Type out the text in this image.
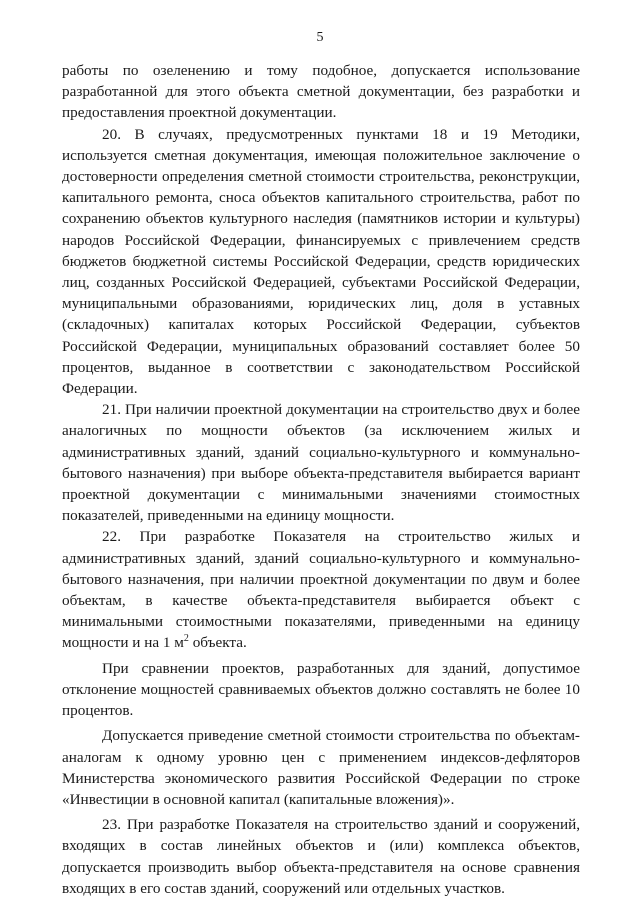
5

работы по озеленению и тому подобное, допускается использование разработанной для этого объекта сметной документации, без разработки и предоставления проектной документации.

20. В случаях, предусмотренных пунктами 18 и 19 Методики, используется сметная документация, имеющая положительное заключение о достоверности определения сметной стоимости строительства, реконструкции, капитального ремонта, сноса объектов капитального строительства, работ по сохранению объектов культурного наследия (памятников истории и культуры) народов Российской Федерации, финансируемых с привлечением средств бюджетов бюджетной системы Российской Федерации, средств юридических лиц, созданных Российской Федерацией, субъектами Российской Федерации, муниципальными образованиями, юридических лиц, доля в уставных (складочных) капиталах которых Российской Федерации, субъектов Российской Федерации, муниципальных образований составляет более 50 процентов, выданное в соответствии с законодательством Российской Федерации.

21. При наличии проектной документации на строительство двух и более аналогичных по мощности объектов (за исключением жилых и административных зданий, зданий социально-культурного и коммунально-бытового назначения) при выборе объекта-представителя выбирается вариант проектной документации с минимальными значениями стоимостных показателей, приведенными на единицу мощности.

22. При разработке Показателя на строительство жилых и административных зданий, зданий социально-культурного и коммунально-бытового назначения, при наличии проектной документации по двум и более объектам, в качестве объекта-представителя выбирается объект с минимальными стоимостными показателями, приведенными на единицу мощности и на 1 $м^2$ объекта.

При сравнении проектов, разработанных для зданий, допустимое отклонение мощностей сравниваемых объектов должно составлять не более 10 процентов.

Допускается приведение сметной стоимости строительства по объектам-аналогам к одному уровню цен с применением индексов-дефляторов Министерства экономического развития Российской Федерации по строке «Инвестиции в основной капитал (капитальные вложения)».

23. При разработке Показателя на строительство зданий и сооружений, входящих в состав линейных объектов и (или) комплекса объектов, допускается производить выбор объекта-представителя на основе сравнения входящих в его состав зданий, сооружений или отдельных участков.
